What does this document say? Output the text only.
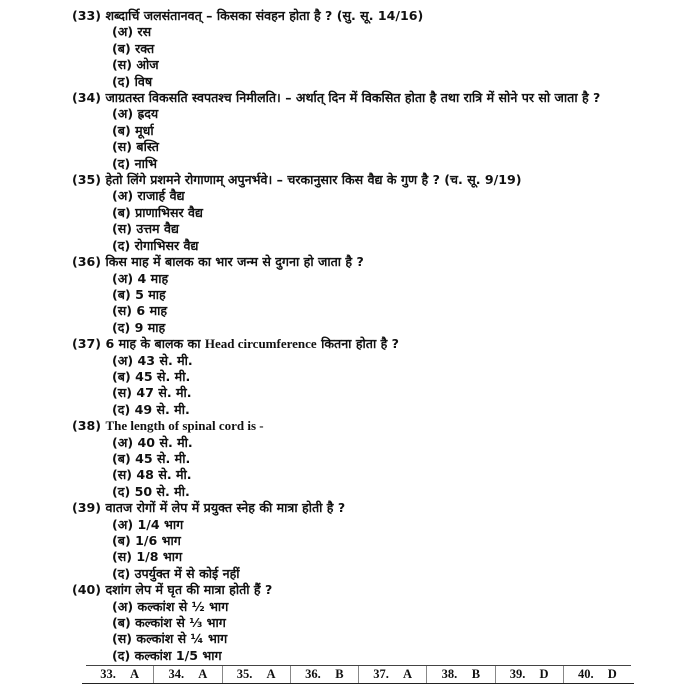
(33) शब्दार्चि जलसंतानवत् – किसका संवहन होता है ? (सु. सू. 14/16)
(अ) रस
(ब) रक्त
(स) ओज
(द) विष
(34) जाग्रतस्त विकसति स्वपतश्च निमीलति। – अर्थात् दिन में विकसित होता है तथा रात्रि में सोने पर सो जाता है ?
(अ) ह्रदय
(ब) मूर्धा
(स) बस्ति
(द) नाभि
(35) हेतो लिंगे प्रशमने रोगाणाम् अपुनर्भवे। – चरकानुसार किस वैद्य के गुण है ? (च. सू. 9/19)
(अ) राजार्ह वैद्य
(ब) प्राणाभिसर वैद्य
(स) उत्तम वैद्य
(द) रोगाभिसर वैद्य
(36) किस माह में बालक का भार जन्म से दुगना हो जाता है ?
(अ) 4 माह
(ब) 5 माह
(स) 6 माह
(द) 9 माह
(37) 6 माह के बालक का Head circumference कितना होता है ?
(अ) 43 से. मी.
(ब) 45 से. मी.
(स) 47 से. मी.
(द) 49 से. मी.
(38) The length of spinal cord is -
(अ) 40 से. मी.
(ब) 45 से. मी.
(स) 48 से. मी.
(द) 50 से. मी.
(39) वातज रोगों में लेप में प्रयुक्त स्नेह की मात्रा होती है ?
(अ) 1/4 भाग
(ब) 1/6 भाग
(स) 1/8 भाग
(द) उपर्युक्त में से कोई नहीं
(40) दशांग लेप में घृत की मात्रा होती हैं ?
(अ) कल्कांश से ½ भाग
(ब) कल्कांश से ⅓ भाग
(स) कल्कांश से ¼ भाग
(द) कल्कांश 1/5 भाग
33. A 34. A 35. A 36. B 37. A 38. B 39. D 40. D
